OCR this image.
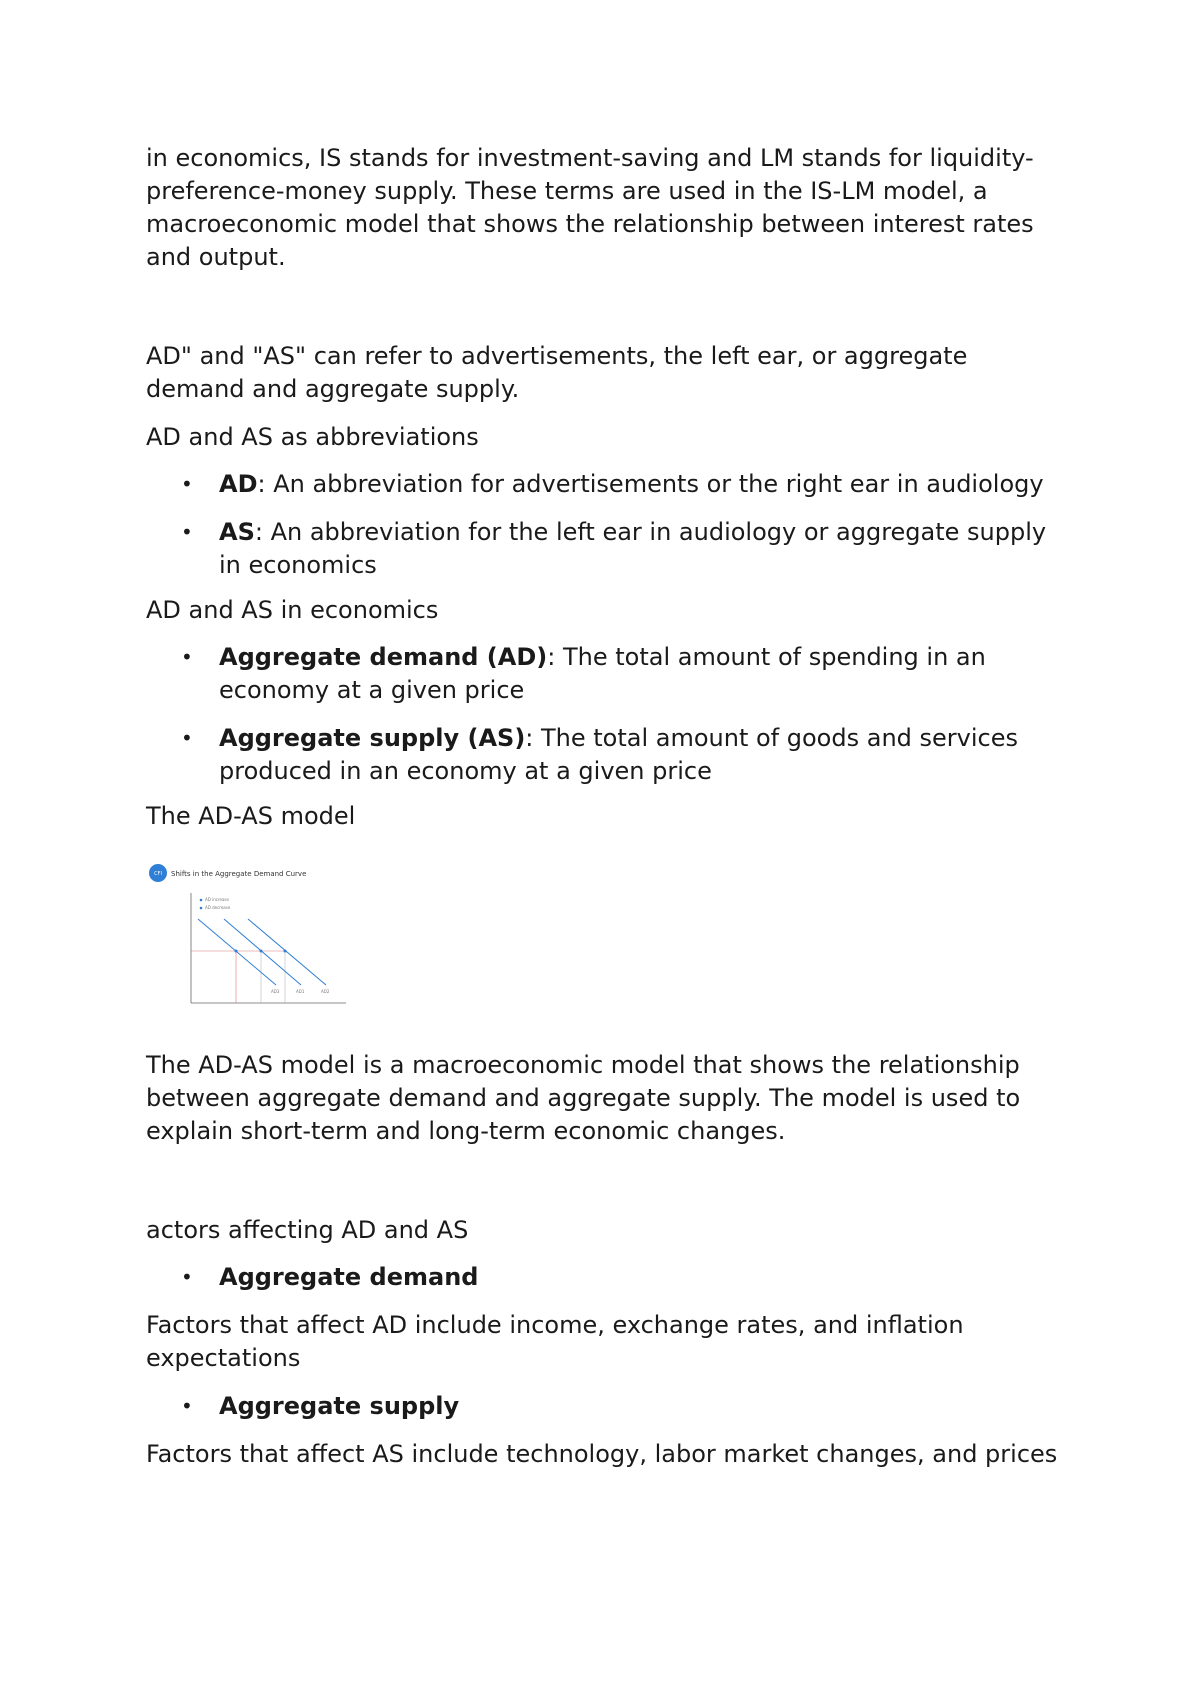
in economics, IS stands for investment-saving and LM stands for liquidity-preference-money supply. These terms are used in the IS-LM model, a macroeconomic model that shows the relationship between interest rates and output.

AD" and "AS" can refer to advertisements, the left ear, or aggregate demand and aggregate supply.

AD and AS as abbreviations

• AD: An abbreviation for advertisements or the right ear in audiology
• AS: An abbreviation for the left ear in audiology or aggregate supply in economics

AD and AS in economics

• Aggregate demand (AD): The total amount of spending in an economy at a given price
• Aggregate supply (AS): The total amount of goods and services produced in an economy at a given price

The AD-AS model

CFI Shifts in the Aggregate Demand Curve
AD increase
AD decrease
AD3	AD1	AD2

The AD-AS model is a macroeconomic model that shows the relationship between aggregate demand and aggregate supply. The model is used to explain short-term and long-term economic changes.

actors affecting AD and AS

• Aggregate demand

Factors that affect AD include income, exchange rates, and inflation expectations

• Aggregate supply

Factors that affect AS include technology, labor market changes, and prices
